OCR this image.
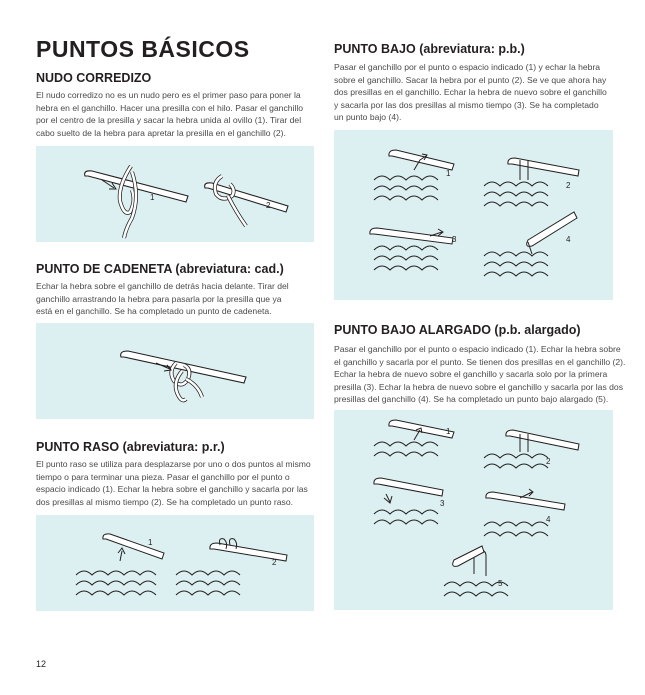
PUNTOS BÁSICOS
NUDO CORREDIZO
El nudo corredizo no es un nudo pero es el primer paso para poner la
hebra en el ganchillo. Hacer una presilla con el hilo. Pasar el ganchillo
por el centro de la presilla y sacar la hebra unida al ovillo (1). Tirar del
cabo suelto de la hebra para apretar la presilla en el ganchillo (2).
1
2
PUNTO DE CADENETA (abreviatura: cad.)
Echar la hebra sobre el ganchillo de detrás hacia delante. Tirar del
ganchillo arrastrando la hebra para pasarla por la presilla que ya
está en el ganchillo. Se ha completado un punto de cadeneta.
PUNTO RASO (abreviatura: p.r.)
El punto raso se utiliza para desplazarse por uno o dos puntos al mismo
tiempo o para terminar una pieza. Pasar el ganchillo por el punto o
espacio indicado (1). Echar la hebra sobre el ganchillo y sacarla por las
dos presillas al mismo tiempo (2). Se ha completado un punto raso.
1
2
PUNTO BAJO (abreviatura: p.b.)
Pasar el ganchillo por el punto o espacio indicado (1) y echar la hebra
sobre el ganchillo. Sacar la hebra por el punto (2). Se ve que ahora hay
dos presillas en el ganchillo. Echar la hebra de nuevo sobre el ganchillo
y sacarla por las dos presillas al mismo tiempo (3). Se ha completado
un punto bajo (4).
1
2
3	4
PUNTO BAJO ALARGADO (p.b. alargado)
Pasar el ganchillo por el punto o espacio indicado (1). Echar la hebra sobre
el ganchillo y sacarla por el punto. Se tienen dos presillas en el ganchillo (2).
Echar la hebra de nuevo sobre el ganchillo y sacarla solo por la primera
presilla (3). Echar la hebra de nuevo sobre el ganchillo y sacarla por las dos
presillas del ganchillo (4). Se ha completado un punto bajo alargado (5).
1
2
3
4
5
12
